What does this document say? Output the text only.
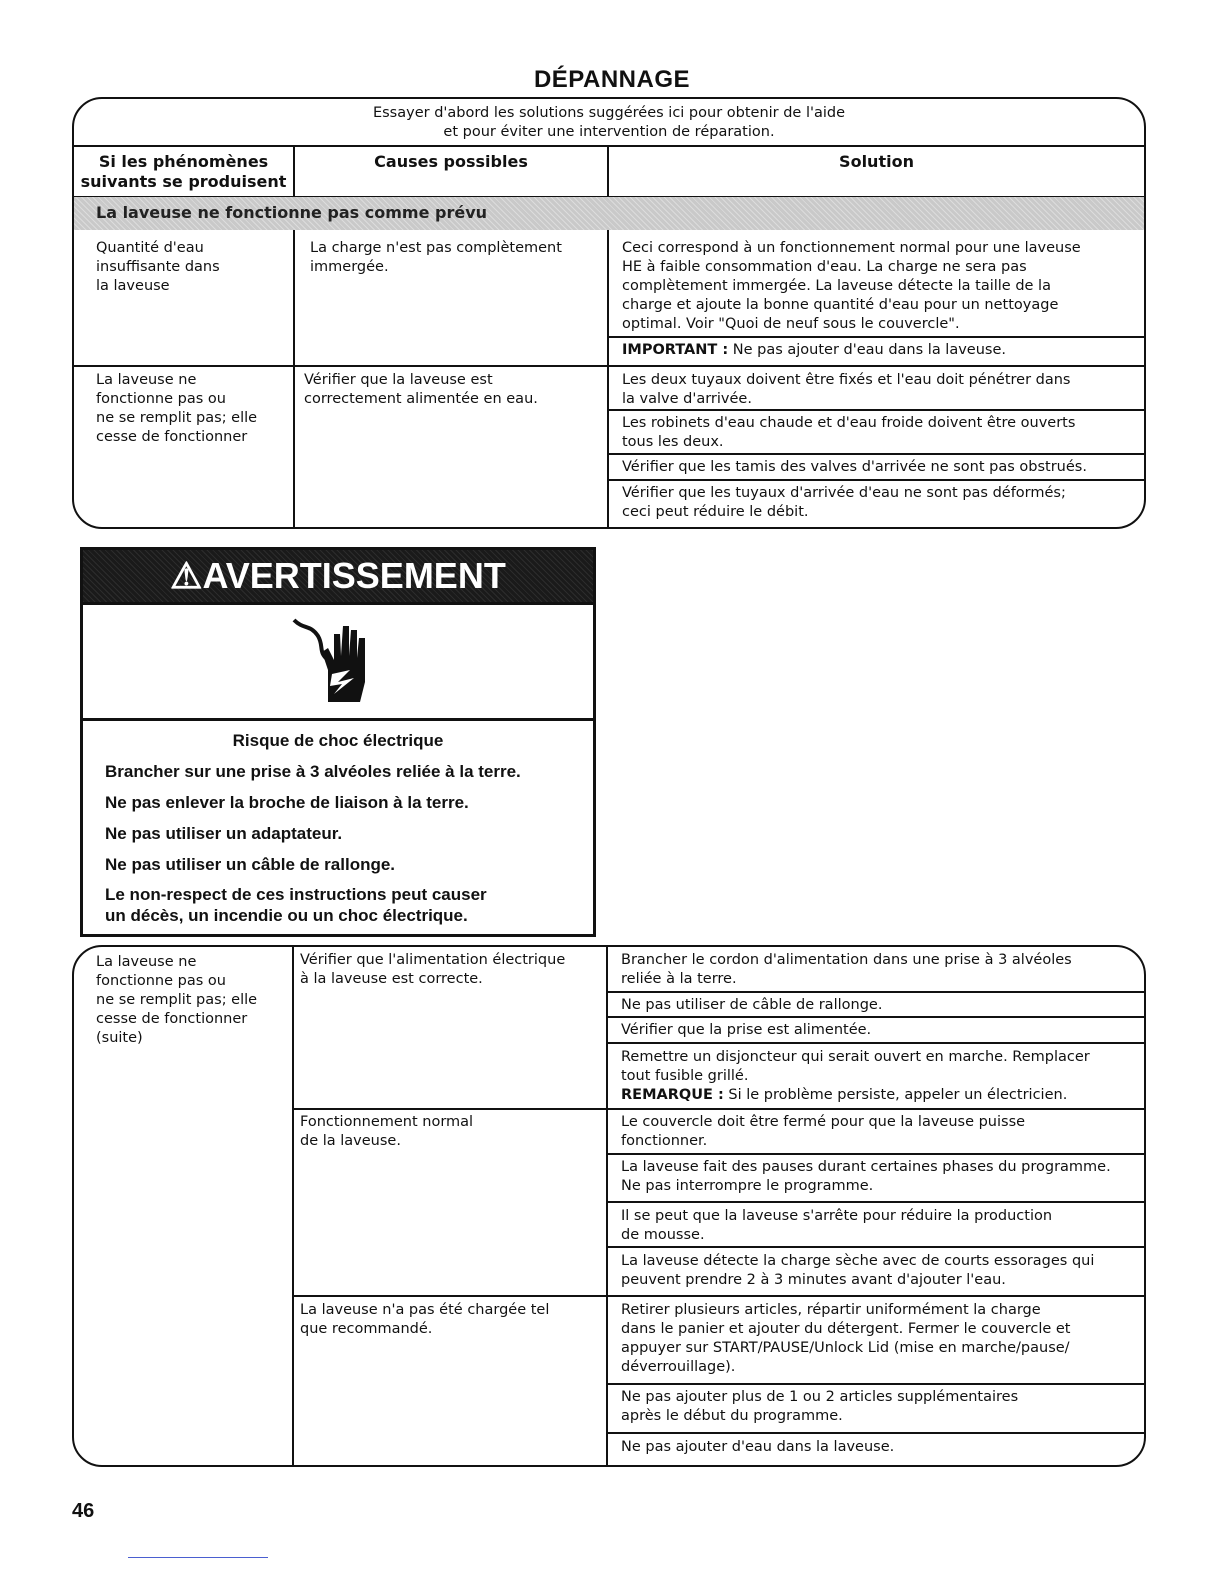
DÉPANNAGE
Essayer d'abord les solutions suggérées ici pour obtenir de l'aide
et pour éviter une intervention de réparation.
Si les phénomènes
suivants se produisent
Causes possibles	Solution
La laveuse ne fonctionne pas comme prévu
Quantité d'eau
insuffisante dans
la laveuse
La charge n'est pas complètement
immergée.
Ceci correspond à un fonctionnement normal pour une laveuse
HE à faible consommation d'eau. La charge ne sera pas
complètement immergée. La laveuse détecte la taille de la
charge et ajoute la bonne quantité d'eau pour un nettoyage
optimal. Voir "Quoi de neuf sous le couvercle".
IMPORTANT : Ne pas ajouter d'eau dans la laveuse.
La laveuse ne
fonctionne pas ou
ne se remplit pas; elle
cesse de fonctionner
Vérifier que la laveuse est
correctement alimentée en eau.
Les deux tuyaux doivent être fixés et l'eau doit pénétrer dans
la valve d'arrivée.
Les robinets d'eau chaude et d'eau froide doivent être ouverts
tous les deux.
Vérifier que les tamis des valves d'arrivée ne sont pas obstrués.
Vérifier que les tuyaux d'arrivée d'eau ne sont pas déformés;
ceci peut réduire le débit.
⚠AVERTISSEMENT
Risque de choc électrique
Brancher sur une prise à 3 alvéoles reliée à la terre.
Ne pas enlever la broche de liaison à la terre.
Ne pas utiliser un adaptateur.
Ne pas utiliser un câble de rallonge.
Le non-respect de ces instructions peut causer
un décès, un incendie ou un choc électrique.
La laveuse ne
fonctionne pas ou
ne se remplit pas; elle
cesse de fonctionner
(suite)
Vérifier que l'alimentation électrique
à la laveuse est correcte.
Brancher le cordon d'alimentation dans une prise à 3 alvéoles
reliée à la terre.
Ne pas utiliser de câble de rallonge.
Vérifier que la prise est alimentée.
Remettre un disjoncteur qui serait ouvert en marche. Remplacer
tout fusible grillé.
REMARQUE : Si le problème persiste, appeler un électricien.
Fonctionnement normal
de la laveuse.
Le couvercle doit être fermé pour que la laveuse puisse
fonctionner.
La laveuse fait des pauses durant certaines phases du programme.
Ne pas interrompre le programme.
Il se peut que la laveuse s'arrête pour réduire la production
de mousse.
La laveuse détecte la charge sèche avec de courts essorages qui
peuvent prendre 2 à 3 minutes avant d'ajouter l'eau.
La laveuse n'a pas été chargée tel
que recommandé.
Retirer plusieurs articles, répartir uniformément la charge
dans le panier et ajouter du détergent. Fermer le couvercle et
appuyer sur START/PAUSE/Unlock Lid (mise en marche/pause/
déverrouillage).
Ne pas ajouter plus de 1 ou 2 articles supplémentaires
après le début du programme.
Ne pas ajouter d'eau dans la laveuse.
46
